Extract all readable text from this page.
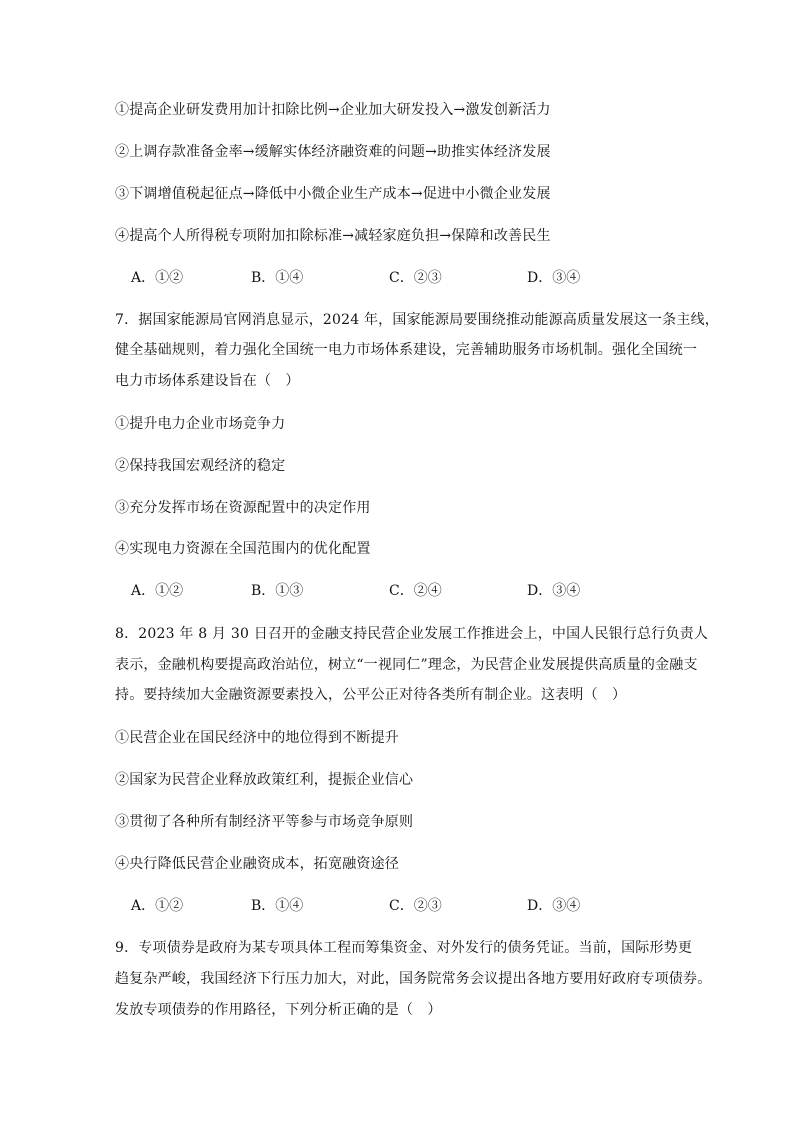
①提高企业研发费用加计扣除比例→企业加大研发投入→激发创新活力
②上调存款准备金率→缓解实体经济融资难的问题→助推实体经济发展
③下调增值税起征点→降低中小微企业生产成本→促进中小微企业发展
④提高个人所得税专项附加扣除标准→减轻家庭负担→保障和改善民生
A．①②	B．①④	C．②③	D．③④
7．据国家能源局官网消息显示，2024 年，国家能源局要围绕推动能源高质量发展这一条主线，
健全基础规则，着力强化全国统一电力市场体系建设，完善辅助服务市场机制。强化全国统一
电力市场体系建设旨在（　）
①提升电力企业市场竞争力
②保持我国宏观经济的稳定
③充分发挥市场在资源配置中的决定作用
④实现电力资源在全国范围内的优化配置
A．①②	B．①③	C．②④	D．③④
8．2023 年 8 月 30 日召开的金融支持民营企业发展工作推进会上，中国人民银行总行负责人
表示，金融机构要提高政治站位，树立“一视同仁”理念，为民营企业发展提供高质量的金融支
持。要持续加大金融资源要素投入，公平公正对待各类所有制企业。这表明（　）
①民营企业在国民经济中的地位得到不断提升
②国家为民营企业释放政策红利，提振企业信心
③贯彻了各种所有制经济平等参与市场竞争原则
④央行降低民营企业融资成本，拓宽融资途径
A．①②	B．①④	C．②③	D．③④
9．专项债券是政府为某专项具体工程而筹集资金、对外发行的债务凭证。当前，国际形势更
趋复杂严峻，我国经济下行压力加大，对此，国务院常务会议提出各地方要用好政府专项债券。
发放专项债券的作用路径，下列分析正确的是（　）
